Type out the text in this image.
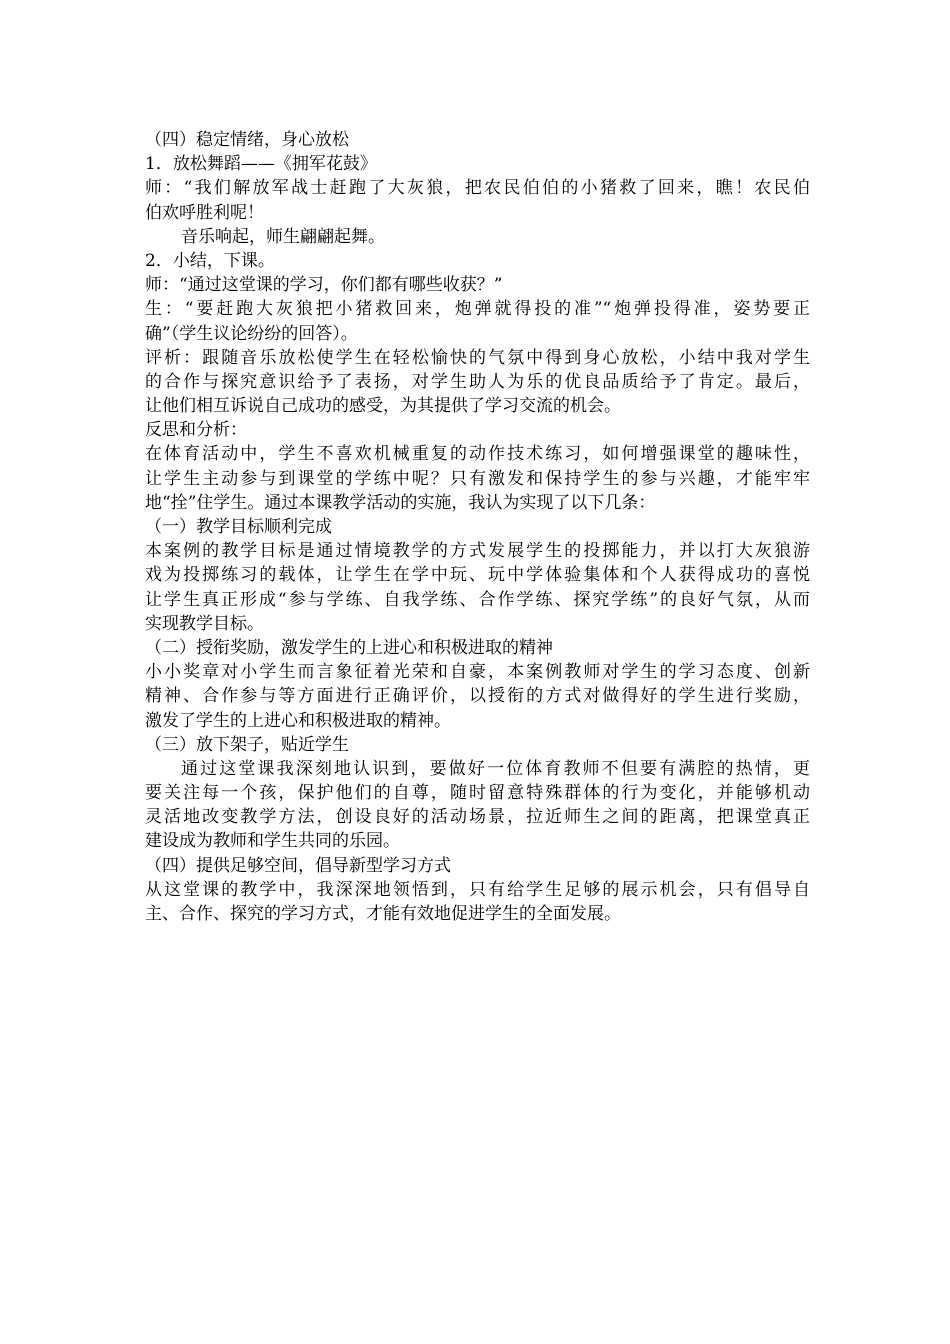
（四）稳定情绪，身心放松
1．放松舞蹈——《拥军花鼓》
师：“我们解放军战士赶跑了大灰狼，把农民伯伯的小猪救了回来，瞧！农民伯
伯欢呼胜利呢！
音乐响起，师生翩翩起舞。
2．小结，下课。
师：“通过这堂课的学习，你们都有哪些收获？”
生：“要赶跑大灰狼把小猪救回来，炮弹就得投的准”“炮弹投得准，姿势要正
确”（学生议论纷纷的回答）。
评析：跟随音乐放松使学生在轻松愉快的气氛中得到身心放松，小结中我对学生
的合作与探究意识给予了表扬，对学生助人为乐的优良品质给予了肯定。最后，
让他们相互诉说自己成功的感受，为其提供了学习交流的机会。
反思和分析：
在体育活动中，学生不喜欢机械重复的动作技术练习，如何增强课堂的趣味性，
让学生主动参与到课堂的学练中呢？只有激发和保持学生的参与兴趣，才能牢牢
地“拴”住学生。通过本课教学活动的实施，我认为实现了以下几条：
（一）教学目标顺利完成
本案例的教学目标是通过情境教学的方式发展学生的投掷能力，并以打大灰狼游
戏为投掷练习的载体，让学生在学中玩、玩中学体验集体和个人获得成功的喜悦
让学生真正形成“参与学练、自我学练、合作学练、探究学练”的良好气氛，从而
实现教学目标。
（二）授衔奖励，激发学生的上进心和积极进取的精神
小小奖章对小学生而言象征着光荣和自豪，本案例教师对学生的学习态度、创新
精神、合作参与等方面进行正确评价，以授衔的方式对做得好的学生进行奖励，
激发了学生的上进心和积极进取的精神。
（三）放下架子，贴近学生
通过这堂课我深刻地认识到，要做好一位体育教师不但要有满腔的热情，更
要关注每一个孩，保护他们的自尊，随时留意特殊群体的行为变化，并能够机动
灵活地改变教学方法，创设良好的活动场景，拉近师生之间的距离，把课堂真正
建设成为教师和学生共同的乐园。
（四）提供足够空间，倡导新型学习方式
从这堂课的教学中，我深深地领悟到，只有给学生足够的展示机会，只有倡导自
主、合作、探究的学习方式，才能有效地促进学生的全面发展。
